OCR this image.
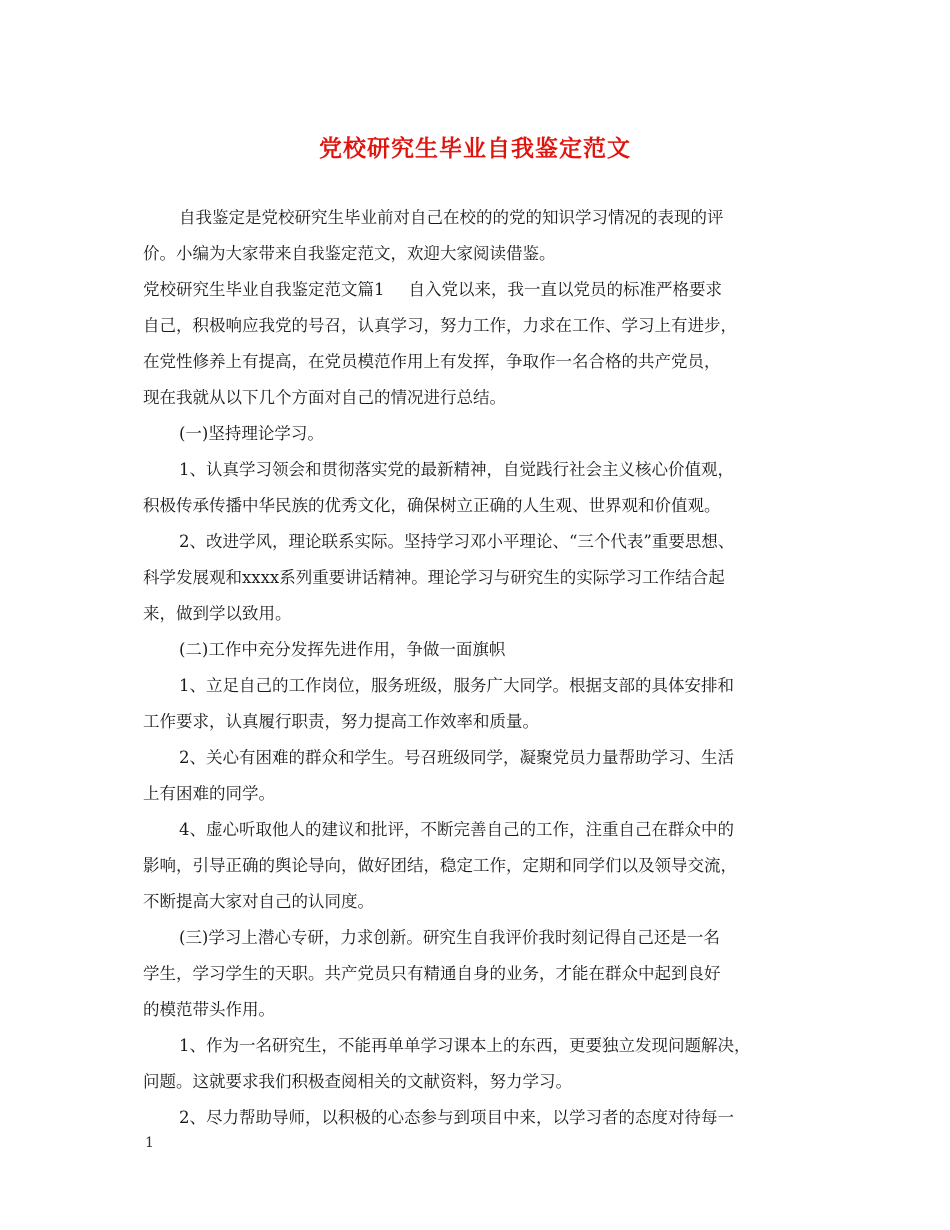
党校研究生毕业自我鉴定范文
自我鉴定是党校研究生毕业前对自己在校的的党的知识学习情况的表现的评
价。小编为大家带来自我鉴定范文，欢迎大家阅读借鉴。
党校研究生毕业自我鉴定范文篇1 自入党以来，我一直以党员的标准严格要求
自己，积极响应我党的号召，认真学习，努力工作，力求在工作、学习上有进步，
在党性修养上有提高，在党员模范作用上有发挥，争取作一名合格的共产党员，
现在我就从以下几个方面对自己的情况进行总结。
(一)坚持理论学习。
1、认真学习领会和贯彻落实党的最新精神，自觉践行社会主义核心价值观，
积极传承传播中华民族的优秀文化，确保树立正确的人生观、世界观和价值观。
2、改进学风，理论联系实际。坚持学习邓小平理论、“三个代表”重要思想、
科学发展观和xxxx系列重要讲话精神。理论学习与研究生的实际学习工作结合起
来，做到学以致用。
(二)工作中充分发挥先进作用，争做一面旗帜
1、立足自己的工作岗位，服务班级，服务广大同学。根据支部的具体安排和
工作要求，认真履行职责，努力提高工作效率和质量。
2、关心有困难的群众和学生。号召班级同学，凝聚党员力量帮助学习、生活
上有困难的同学。
4、虚心听取他人的建议和批评，不断完善自己的工作，注重自己在群众中的
影响，引导正确的舆论导向，做好团结，稳定工作，定期和同学们以及领导交流，
不断提高大家对自己的认同度。
(三)学习上潜心专研，力求创新。研究生自我评价我时刻记得自己还是一名
学生，学习学生的天职。共产党员只有精通自身的业务，才能在群众中起到良好
的模范带头作用。
1、作为一名研究生，不能再单单学习课本上的东西，更要独立发现问题解决，
问题。这就要求我们积极查阅相关的文献资料，努力学习。
2、尽力帮助导师，以积极的心态参与到项目中来，以学习者的态度对待每一
1
